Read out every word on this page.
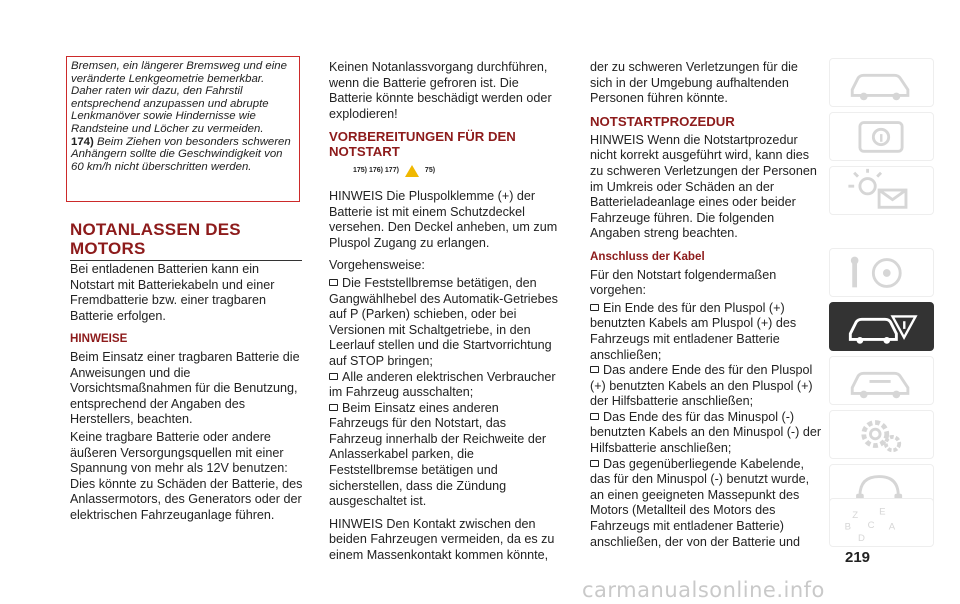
Bremsen, ein längerer Bremsweg und eine veränderte Lenkgeometrie bemerkbar. Daher raten wir dazu, den Fahrstil entsprechend anzupassen und abrupte Lenkmanöver sowie Hindernisse wie Randsteine und Löcher zu vermeiden.
174) Beim Ziehen von besonders schweren Anhängern sollte die Geschwindigkeit von 60 km/h nicht überschritten werden.
NOTANLASSEN DES MOTORS

Bei entladenen Batterien kann ein Notstart mit Batteriekabeln und einer Fremdbatterie bzw. einer tragbaren Batterie erfolgen.

HINWEISE

Beim Einsatz einer tragbaren Batterie die Anweisungen und die Vorsichtsmaßnahmen für die Benutzung, entsprechend der Angaben des Herstellers, beachten.

Keine tragbare Batterie oder andere äußeren Versorgungsquellen mit einer Spannung von mehr als 12V benutzen: Dies könnte zu Schäden der Batterie, des Anlassermotors, des Generators oder der elektrischen Fahrzeuganlage führen.

Keinen Notanlassvorgang durchführen, wenn die Batterie gefroren ist. Die Batterie könnte beschädigt werden oder explodieren!

VORBEREITUNGEN FÜR DEN NOTSTART
175) 176) 177)	75)

HINWEIS Die Pluspolklemme (+) der Batterie ist mit einem Schutzdeckel versehen. Den Deckel anheben, um zum Pluspol Zugang zu erlangen.

Vorgehensweise:

Die Feststellbremse betätigen, den Gangwählhebel des Automatik-Getriebes auf P (Parken) schieben, oder bei Versionen mit Schaltgetriebe, in den Leerlauf stellen und die Startvorrichtung auf STOP bringen;

Alle anderen elektrischen Verbraucher im Fahrzeug ausschalten;

Beim Einsatz eines anderen Fahrzeugs für den Notstart, das Fahrzeug innerhalb der Reichweite der Anlasserkabel parken, die Feststellbremse betätigen und sicherstellen, dass die Zündung ausgeschaltet ist.

HINWEIS Den Kontakt zwischen den beiden Fahrzeugen vermeiden, da es zu einem Massenkontakt kommen könnte,

der zu schweren Verletzungen für die sich in der Umgebung aufhaltenden Personen führen könnte.

NOTSTARTPROZEDUR

HINWEIS Wenn die Notstartprozedur nicht korrekt ausgeführt wird, kann dies zu schweren Verletzungen der Personen im Umkreis oder Schäden an der Batterieladeanlage eines oder beider Fahrzeuge führen. Die folgenden Angaben streng beachten.

Anschluss der Kabel

Für den Notstart folgendermaßen vorgehen:

Ein Ende des für den Pluspol (+) benutzten Kabels am Pluspol (+) des Fahrzeugs mit entladener Batterie anschließen;

Das andere Ende des für den Pluspol (+) benutzten Kabels an den Pluspol (+) der Hilfsbatterie anschließen;

Das Ende des für das Minuspol (-) benutzten Kabels an den Minuspol (-) der Hilfsbatterie anschließen;

Das gegenüberliegende Kabelende, das für den Minuspol (-) benutzt wurde, an einen geeigneten Massepunkt des Motors (Metallteil des Motors des Fahrzeugs mit entladener Batterie) anschließen, der von der Batterie und

Z E
B C A
D
219
carmanualsonline.info
